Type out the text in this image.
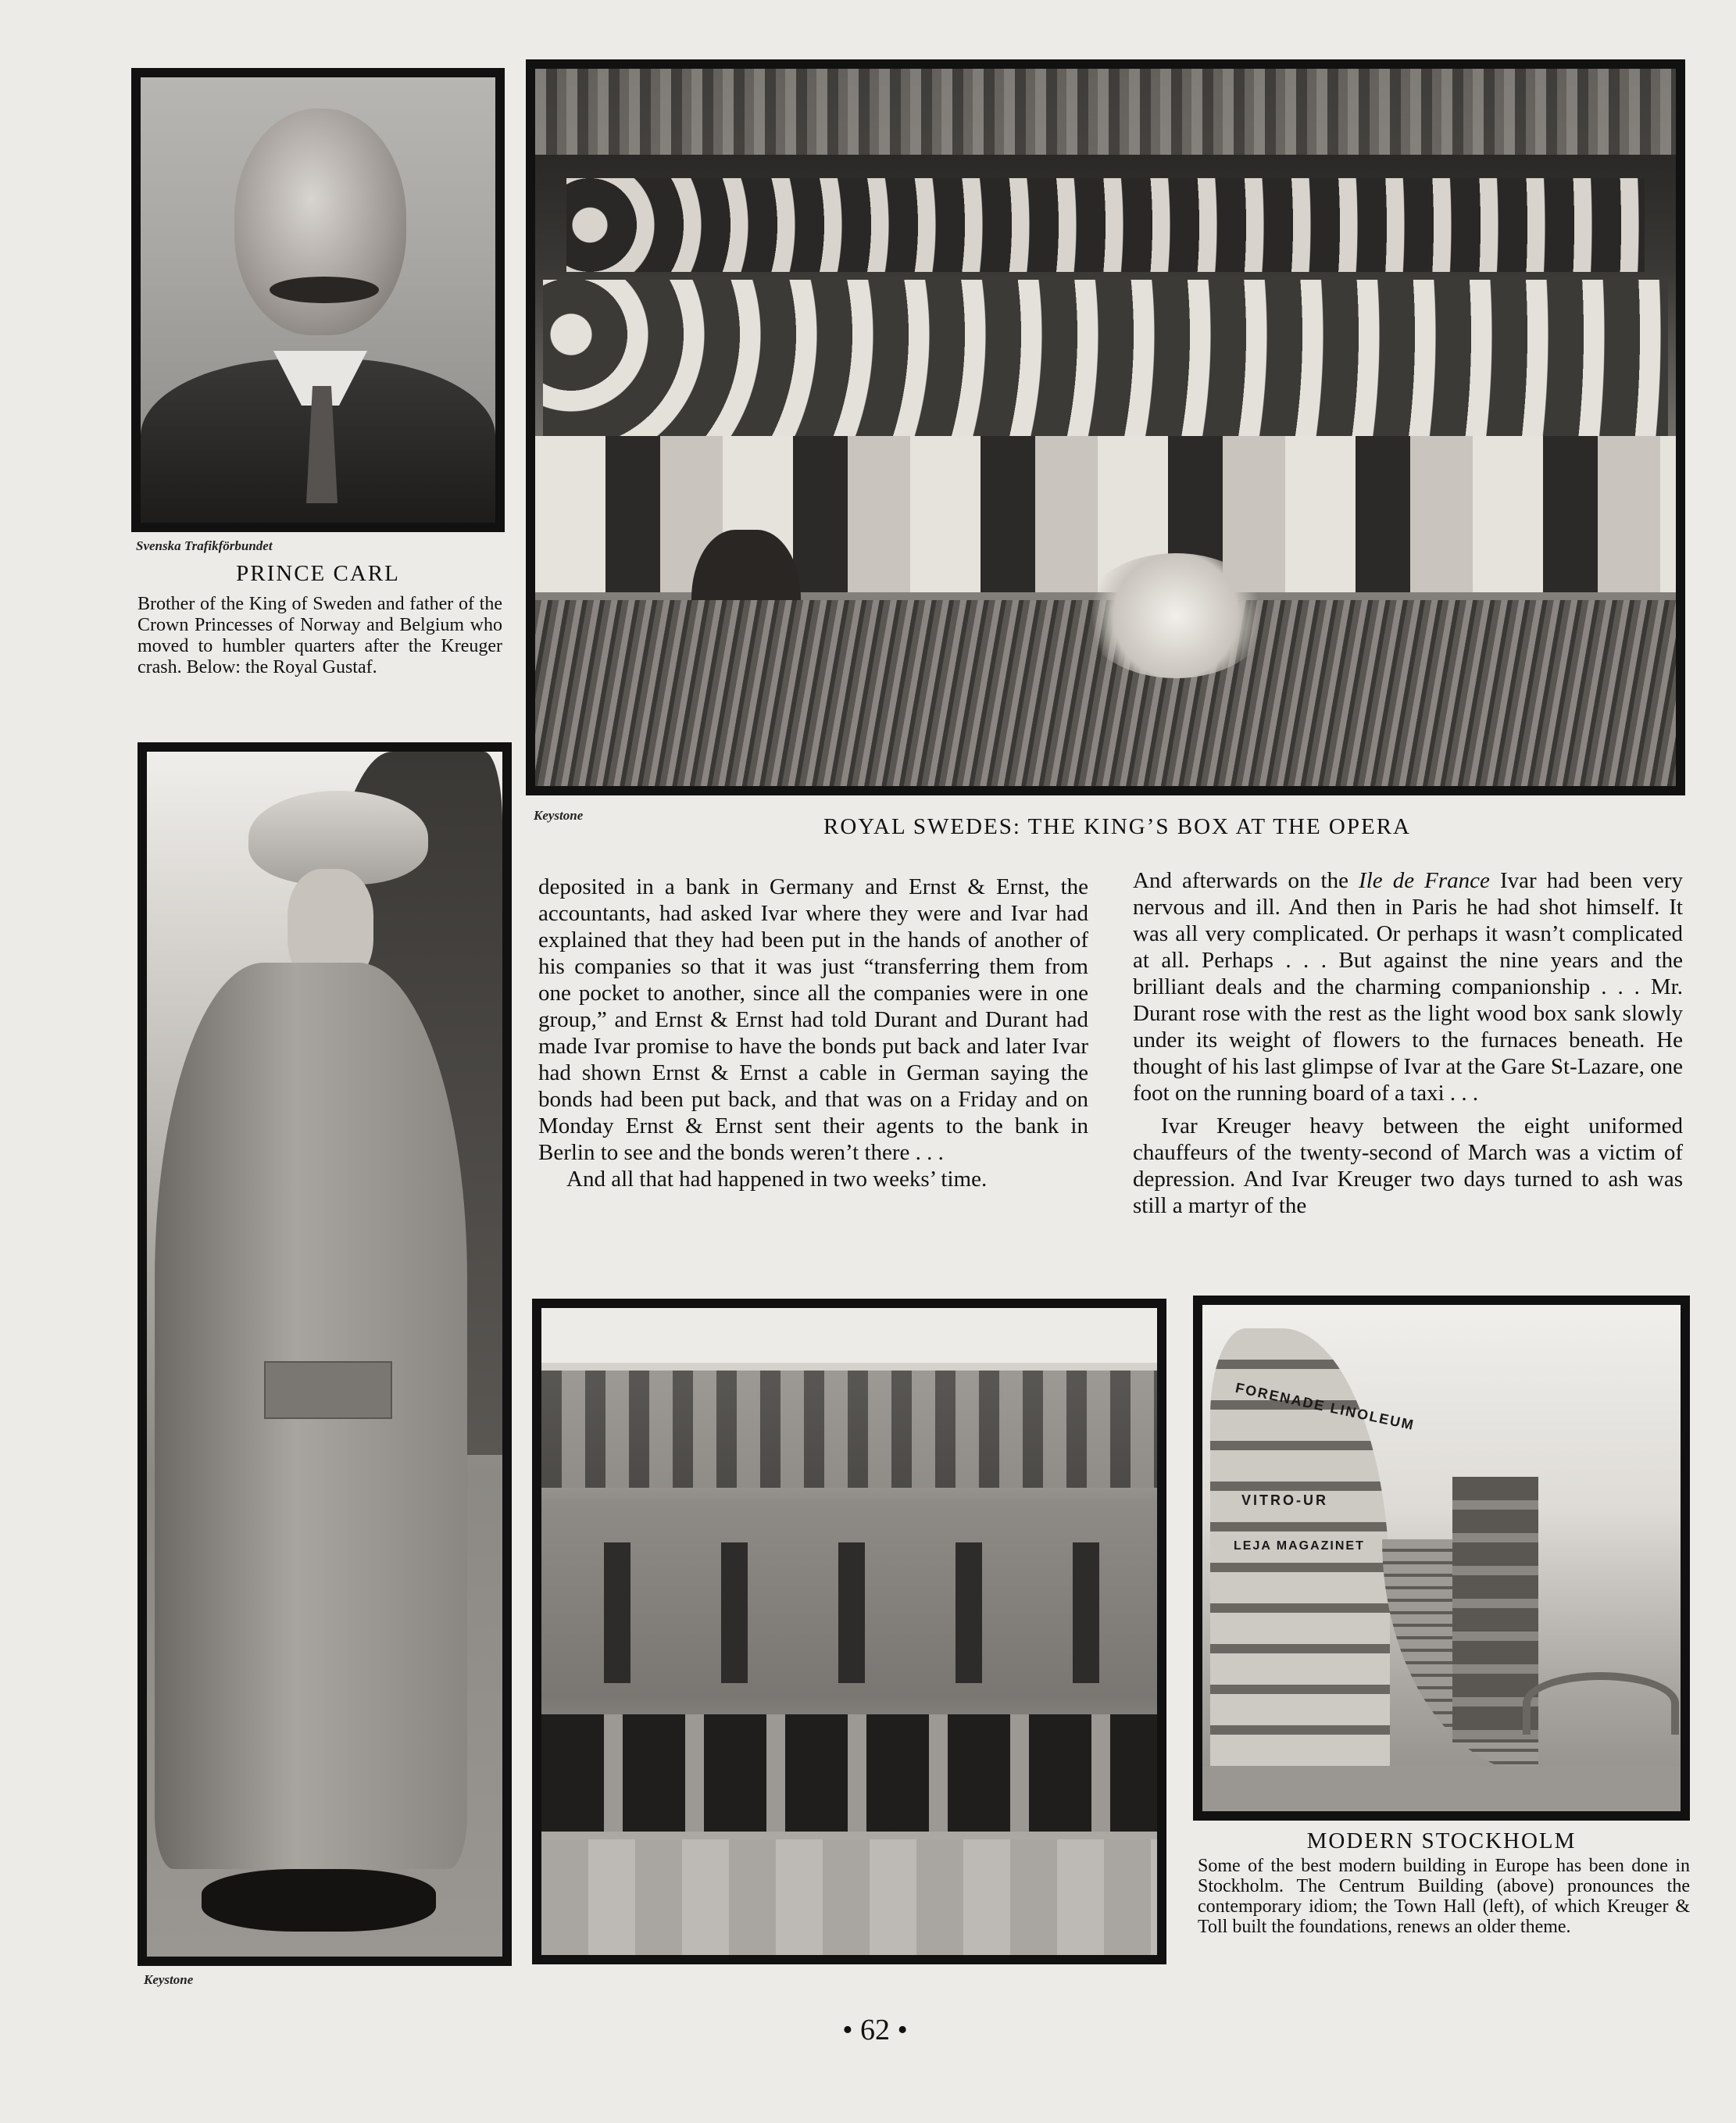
Svenska Trafikförbundet
PRINCE CARL
Brother of the King of Sweden and father of the Crown Princesses of Norway and Belgium who moved to humbler quarters after the Kreuger crash. Below: the Royal Gustaf.
Keystone	ROYAL SWEDES: THE KING’S BOX AT THE OPERA
Keystone

deposited in a bank in Germany and Ernst & Ernst, the accountants, had asked Ivar where they were and Ivar had explained that they had been put in the hands of another of his companies so that it was just “transferring them from one pocket to another, since all the companies were in one group,” and Ernst & Ernst had told Durant and Durant had made Ivar promise to have the bonds put back and later Ivar had shown Ernst & Ernst a cable in German saying the bonds had been put back, and that was on a Friday and on Monday Ernst & Ernst sent their agents to the bank in Berlin to see and the bonds weren’t there . . .

And all that had happened in two weeks’ time.

And afterwards on the Ile de France Ivar had been very nervous and ill. And then in Paris he had shot himself. It was all very complicated. Or perhaps it wasn’t complicated at all. Perhaps . . . But against the nine years and the brilliant deals and the charming companionship . . . Mr. Durant rose with the rest as the light wood box sank slowly under its weight of flowers to the furnaces beneath. He thought of his last glimpse of Ivar at the Gare St-Lazare, one foot on the running board of a taxi . . .

Ivar Kreuger heavy between the eight uniformed chauffeurs of the twenty-second of March was a victim of depression. And Ivar Kreuger two days turned to ash was still a martyr of the

FORENADE LINOLEUM
VITRO-UR
LEJA MAGAZINET
MODERN STOCKHOLM
Some of the best modern building in Europe has been done in Stockholm. The Centrum Building (above) pronounces the contemporary idiom; the Town Hall (left), of which Kreuger & Toll built the foundations, renews an older theme.
• 62 •
